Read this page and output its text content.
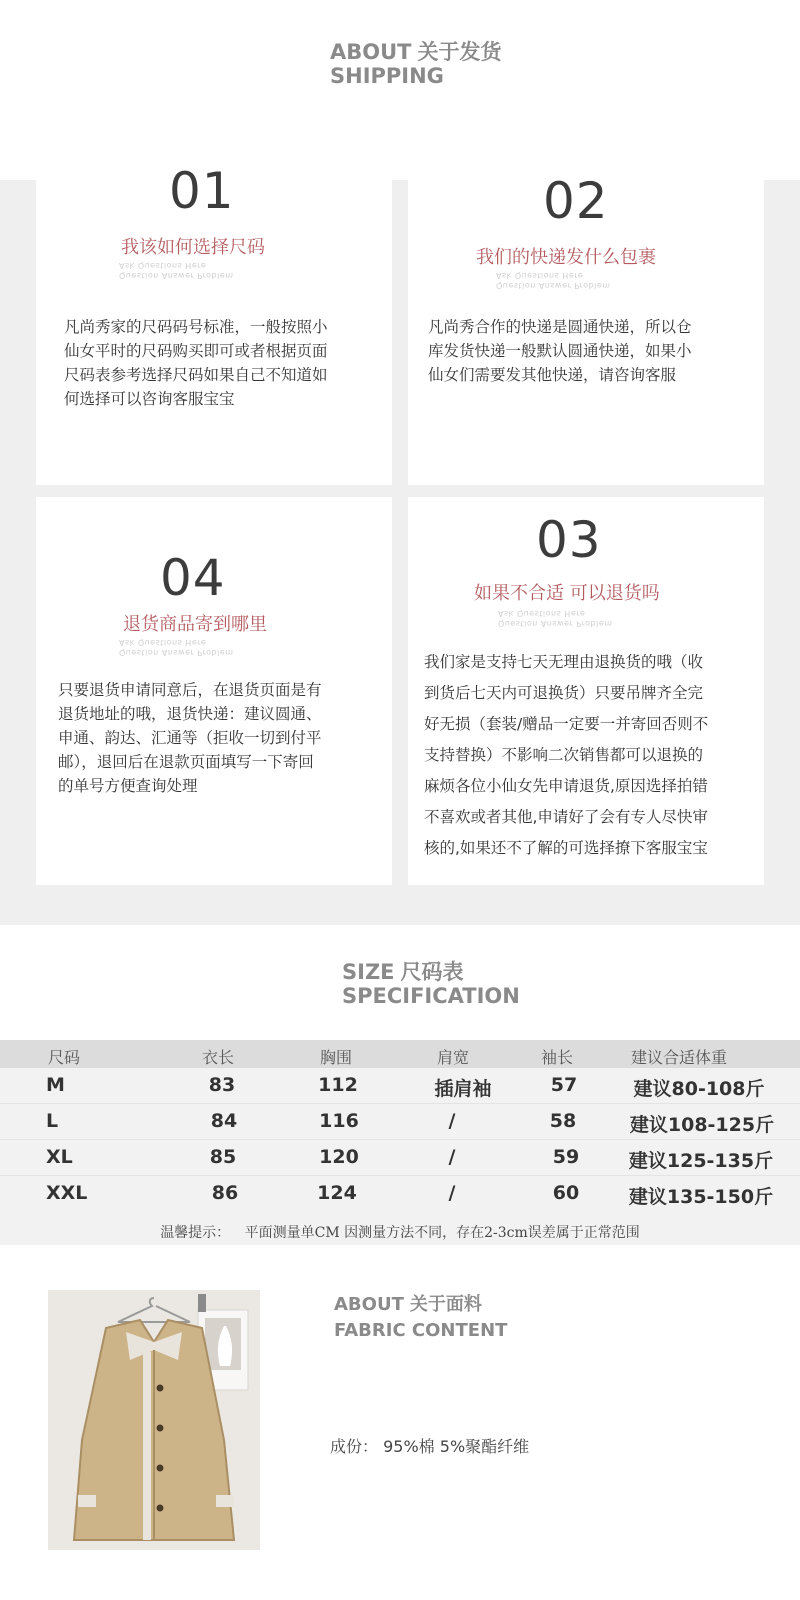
ABOUT 关于发货
SHIPPING
01
我该如何选择尺码
Question Answer Problem
Ask Questions Here
凡尚秀家的尺码码号标准，一般按照小
仙女平时的尺码购买即可或者根据页面
尺码表参考选择尺码如果自己不知道如
何选择可以咨询客服宝宝
02
我们的快递发什么包裹
Question Answer Problem
Ask Questions Here
凡尚秀合作的快递是圆通快递，所以仓
库发货快递一般默认圆通快递，如果小
仙女们需要发其他快递，请咨询客服
04
退货商品寄到哪里
Question Answer Problem
Ask Questions Here
只要退货申请同意后，在退货页面是有
退货地址的哦，退货快递：建议圆通、
申通、韵达、汇通等（拒收一切到付平
邮），退回后在退款页面填写一下寄回
的单号方便查询处理
03
如果不合适 可以退货吗
Question Answer Problem
Ask Questions Here
我们家是支持七天无理由退换货的哦（收
到货后七天内可退换货）只要吊牌齐全完
好无损（套装/赠品一定要一并寄回否则不
支持替换）不影响二次销售都可以退换的
麻烦各位小仙女先申请退货,原因选择拍错
不喜欢或者其他,申请好了会有专人尽快审
核的,如果还不了解的可选择撩下客服宝宝
SIZE 尺码表
SPECIFICATION
尺码	衣长	胸围	肩宽	袖长	建议合适体重
M	83	112	插肩袖	57	建议80-108斤
L	84	116	/	58	建议108-125斤
XL	85	120	/	59	建议125-135斤
XXL	86	124	/	60	建议135-150斤
温馨提示： 平面测量单CM 因测量方法不同，存在2-3cm误差属于正常范围
ABOUT 关于面料
FABRIC CONTENT
成份： 95%棉 5%聚酯纤维
